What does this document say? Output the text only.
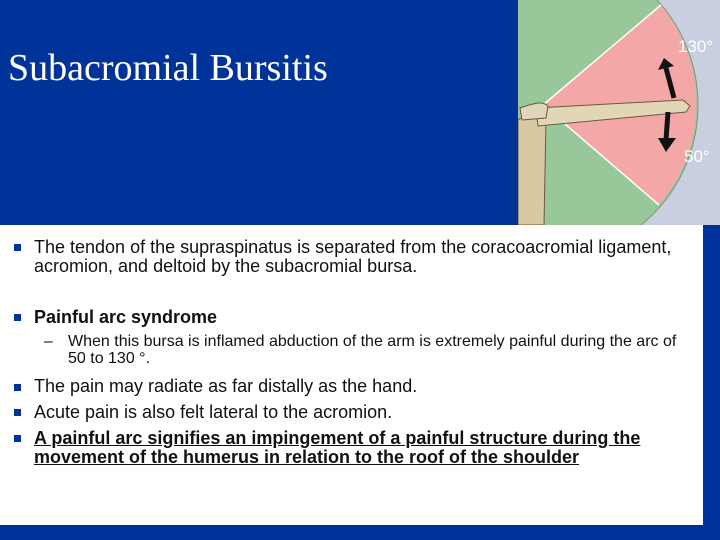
Subacromial Bursitis
130°
50°
The tendon of the supraspinatus is separated from the coracoacromial ligament, acromion, and deltoid by the subacromial bursa.
Painful arc syndrome
– When this bursa is inflamed abduction of the arm is extremely painful during the arc of 50 to 130 °.
The pain may radiate as far distally as the hand.
Acute pain is also felt lateral to the acromion.
A painful arc signifies an impingement of a painful structure during the movement of the humerus in relation to the roof of the shoulder
